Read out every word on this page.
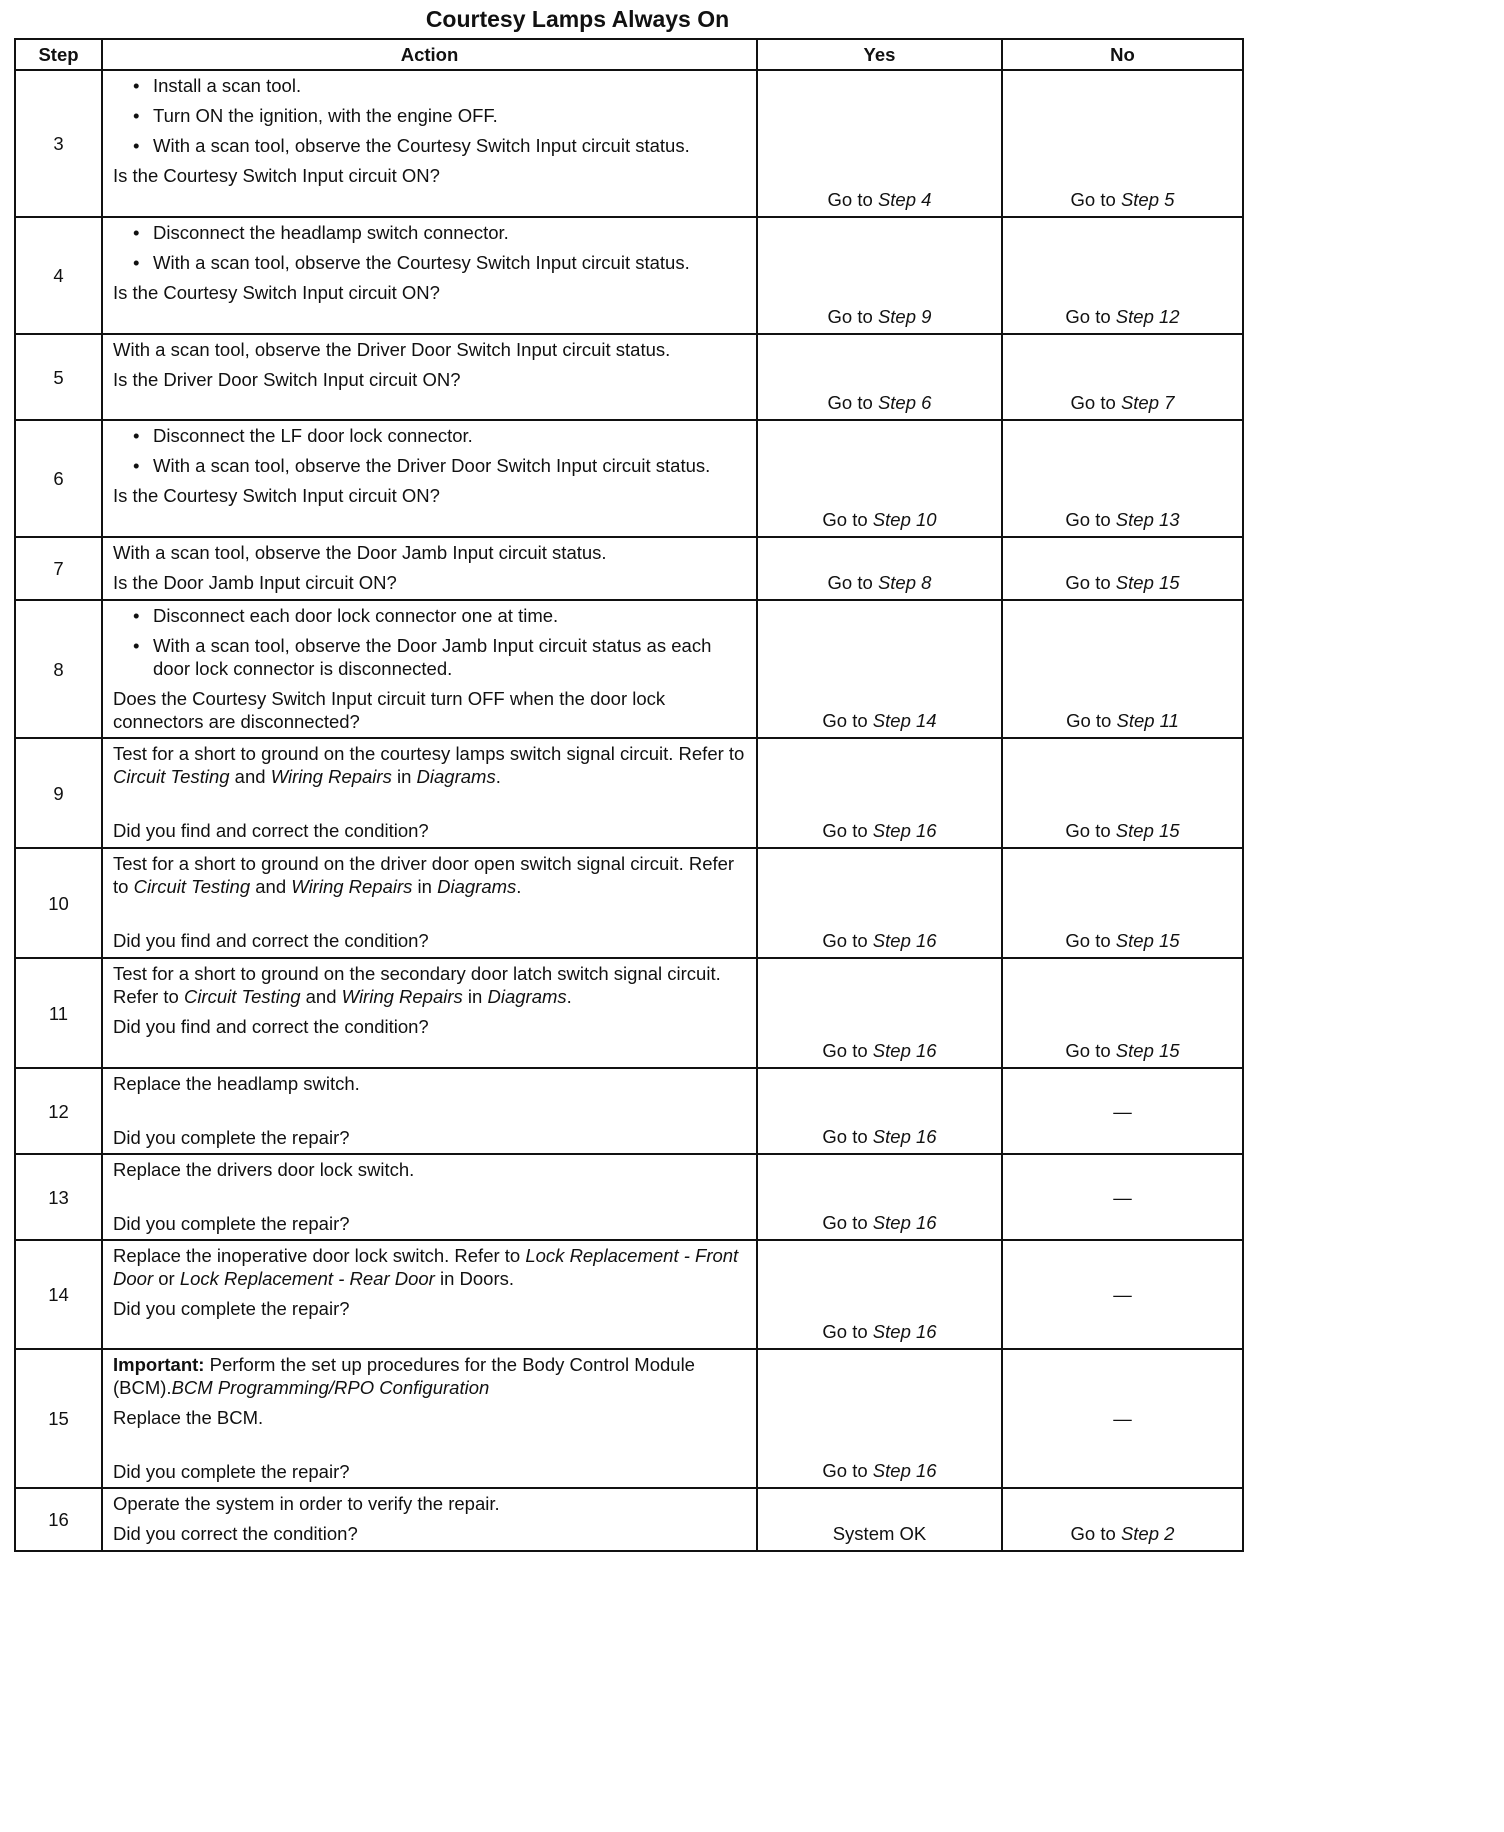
Courtesy Lamps Always On
Step	Action	Yes	No
3	• Install a scan tool.
• Turn ON the ignition, with the engine OFF.
• With a scan tool, observe the Courtesy Switch Input circuit status.
Is the Courtesy Switch Input circuit ON?	Go to Step 4	Go to Step 5
4	• Disconnect the headlamp switch connector.
• With a scan tool, observe the Courtesy Switch Input circuit status.
Is the Courtesy Switch Input circuit ON?	Go to Step 9	Go to Step 12
5	With a scan tool, observe the Driver Door Switch Input circuit status.
Is the Driver Door Switch Input circuit ON?	Go to Step 6	Go to Step 7
6	• Disconnect the LF door lock connector.
• With a scan tool, observe the Driver Door Switch Input circuit status.
Is the Courtesy Switch Input circuit ON?	Go to Step 10	Go to Step 13
7	With a scan tool, observe the Door Jamb Input circuit status.
Is the Door Jamb Input circuit ON?	Go to Step 8	Go to Step 15
8	• Disconnect each door lock connector one at time.
• With a scan tool, observe the Door Jamb Input circuit status as each door lock connector is disconnected.
Does the Courtesy Switch Input circuit turn OFF when the door lock connectors are disconnected?	Go to Step 14	Go to Step 11
9	Test for a short to ground on the courtesy lamps switch signal circuit. Refer to Circuit Testing and Wiring Repairs in Diagrams.
Did you find and correct the condition?	Go to Step 16	Go to Step 15
10	Test for a short to ground on the driver door open switch signal circuit. Refer to Circuit Testing and Wiring Repairs in Diagrams.
Did you find and correct the condition?	Go to Step 16	Go to Step 15
11	Test for a short to ground on the secondary door latch switch signal circuit. Refer to Circuit Testing and Wiring Repairs in Diagrams.
Did you find and correct the condition?	Go to Step 16	Go to Step 15
12	Replace the headlamp switch.
Did you complete the repair?	Go to Step 16	—
13	Replace the drivers door lock switch.
Did you complete the repair?	Go to Step 16	—
14	Replace the inoperative door lock switch. Refer to Lock Replacement - Front Door or Lock Replacement - Rear Door in Doors.
Did you complete the repair?	Go to Step 16	—
15	Important: Perform the set up procedures for the Body Control Module (BCM).BCM Programming/RPO Configuration
Replace the BCM.
Did you complete the repair?	Go to Step 16	—
16	Operate the system in order to verify the repair.
Did you correct the condition?	System OK	Go to Step 2
